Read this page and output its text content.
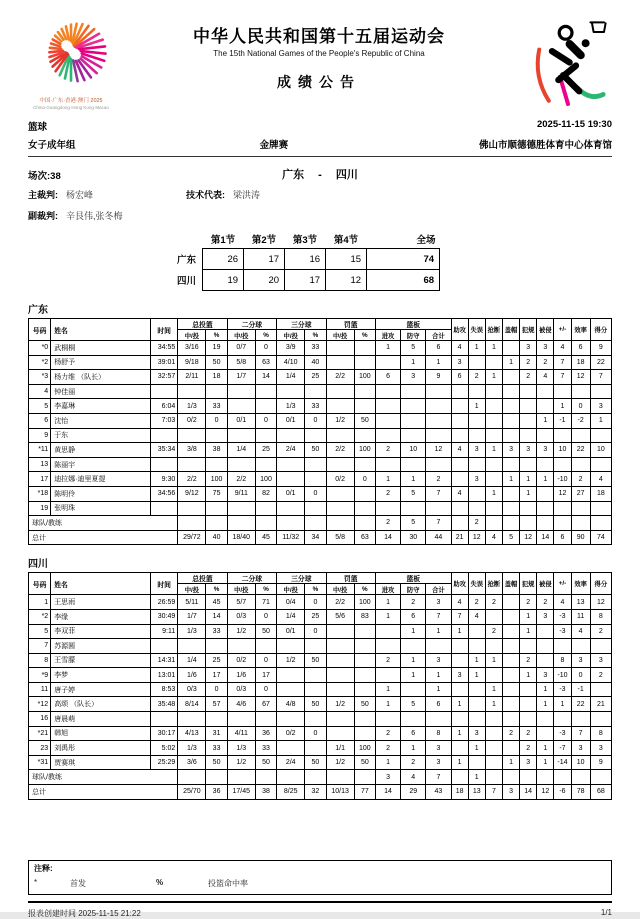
中国·广东·香港·澳门 2025
China·Guangdong·Hong Kong·Macao
中华人民共和国第十五届运动会
The 15th National Games of the People's Republic of China
成绩公告
篮球	2025-11-15 19:30
女子成年组	金牌赛	佛山市顺德德胜体育中心体育馆
场次:38	广东 - 四川
主裁判: 杨宏峰	技术代表: 梁洪涛
副裁判: 辛艮伟,张冬梅
	第1节	第2节	第3节	第4节	全场
广东	26	17	16	15	74
四川	19	20	17	12	68
广东
号码	姓名	时间	总投篮		二分球		三分球		罚篮		篮板			助攻	失误	抢断	盖帽	犯规	被侵	+/-	效率	得分
			中/投	%	中/投	%	中/投	%	中/投	%	进攻	防守	合计									
*0	武桐桐	34:55	3/16	19	0/7	0	3/9	33			1	5	6	4	1	1		3	3	4	6	9
*2	杨舒予	39:01	9/18	50	5/8	63	4/10	40				1	1	3			1	2	2	7	18	22
*3	杨力维 （队长）	32:57	2/11	18	1/7	14	1/4	25	2/2	100	6	3	9	6	2	1		2	4	7	12	7
4	钟佳丽																					
5	李嘉琳	6:04	1/3	33			1/3	33							1					1	0	3
6	沈怡	7:03	0/2	0	0/1	0	0/1	0	1/2	50									1	-1	-2	1
9	于东																					
*11	黄思静	35:34	3/8	38	1/4	25	2/4	50	2/2	100	2	10	12	4	3	1	3	3	3	10	22	10
13	陈丽宇																					
17	迪拉娜·迪里夏提	9:30	2/2	100	2/2	100			0/2	0	1	1	2		3		1	1	1	-10	2	4
*18	陈明伶	34:56	9/12	75	9/11	82	0/1	0			2	5	7	4		1		1		12	27	18
19	张明珠																					
球队/教练											2	5	7		2							
总计			29/72	40	18/40	45	11/32	34	5/8	63	14	30	44	21	12	4	5	12	14	6	90	74
四川
号码	姓名	时间	总投篮		二分球		三分球		罚篮		篮板			助攻	失误	抢断	盖帽	犯规	被侵	+/-	效率	得分
			中/投	%	中/投	%	中/投	%	中/投	%	进攻	防守	合计									
1	王思雨	26:59	5/11	45	5/7	71	0/4	0	2/2	100	1	2	3	4	2	2		2	2	4	13	12
*2	李缘	30:49	1/7	14	0/3	0	1/4	25	5/6	83	1	6	7	7	4			1	3	-3	11	8
5	李双菲	9:11	1/3	33	1/2	50	0/1	0				1	1	1		2		1		-3	4	2
7	苏源圆																					
8	王雪朦	14:31	1/4	25	0/2	0	1/2	50			2	1	3		1	1		2		8	3	3
*9	李梦	13:01	1/6	17	1/6	17						1	1	3	1			1	3	-10	0	2
11	唐子婷	8:53	0/3	0	0/3	0					1		1			1			1	-3	-1	
*12	高颂 （队长）	35:48	8/14	57	4/6	67	4/8	50	1/2	50	1	5	6	1		1			1	1	22	21
16	唐晨萌																					
*21	韩旭	30:17	4/13	31	4/11	36	0/2	0			2	6	8	1	3		2	2		-3	7	8
23	刘禹彤	5:02	1/3	33	1/3	33			1/1	100	2	1	3		1			2	1	-7	3	3
*31	贾赛琪	25:29	3/6	50	1/2	50	2/4	50	1/2	50	1	2	3	1			1	3	1	-14	10	9
球队/教练											3	4	7		1							
总计			25/70	36	17/45	38	8/25	32	10/13	77	14	29	43	18	13	7	3	14	12	-6	78	68
注释:
*	首发	%	投篮命中率
报表创建时间 2025-11-15 21:22	1/1
